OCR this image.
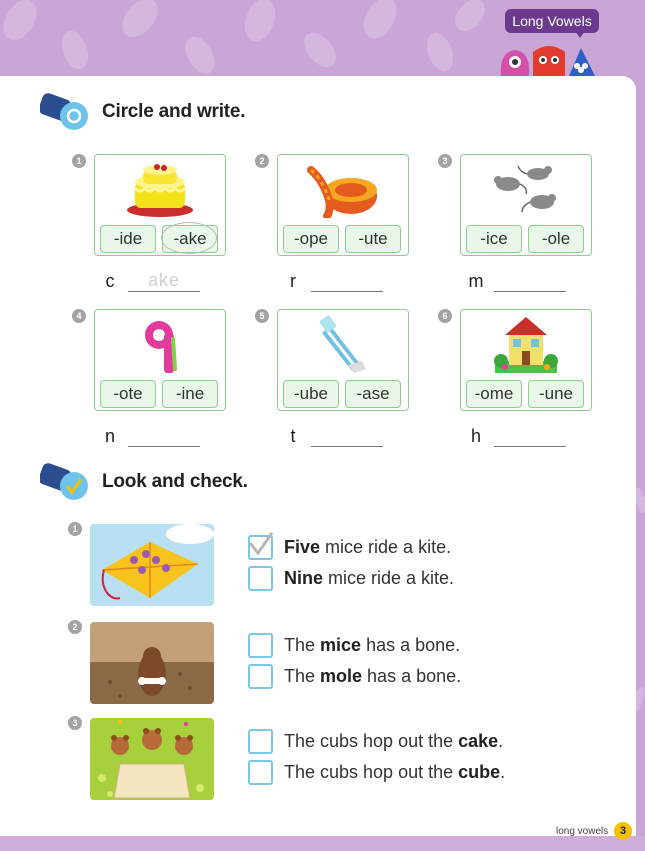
Long Vowels
Circle and write.
1
-ide	-ake
c	ake
2
-ope	-ute
r
3
-ice	-ole
m
4
-ote	-ine
n
5
-ube	-ase
t
6
-ome	-une
h
Look and check.
1
Five mice ride a kite.
Nine mice ride a kite.
2
The mice has a bone.
The mole has a bone.
3
The cubs hop out the cake.
The cubs hop out the cube.
long vowels	3
